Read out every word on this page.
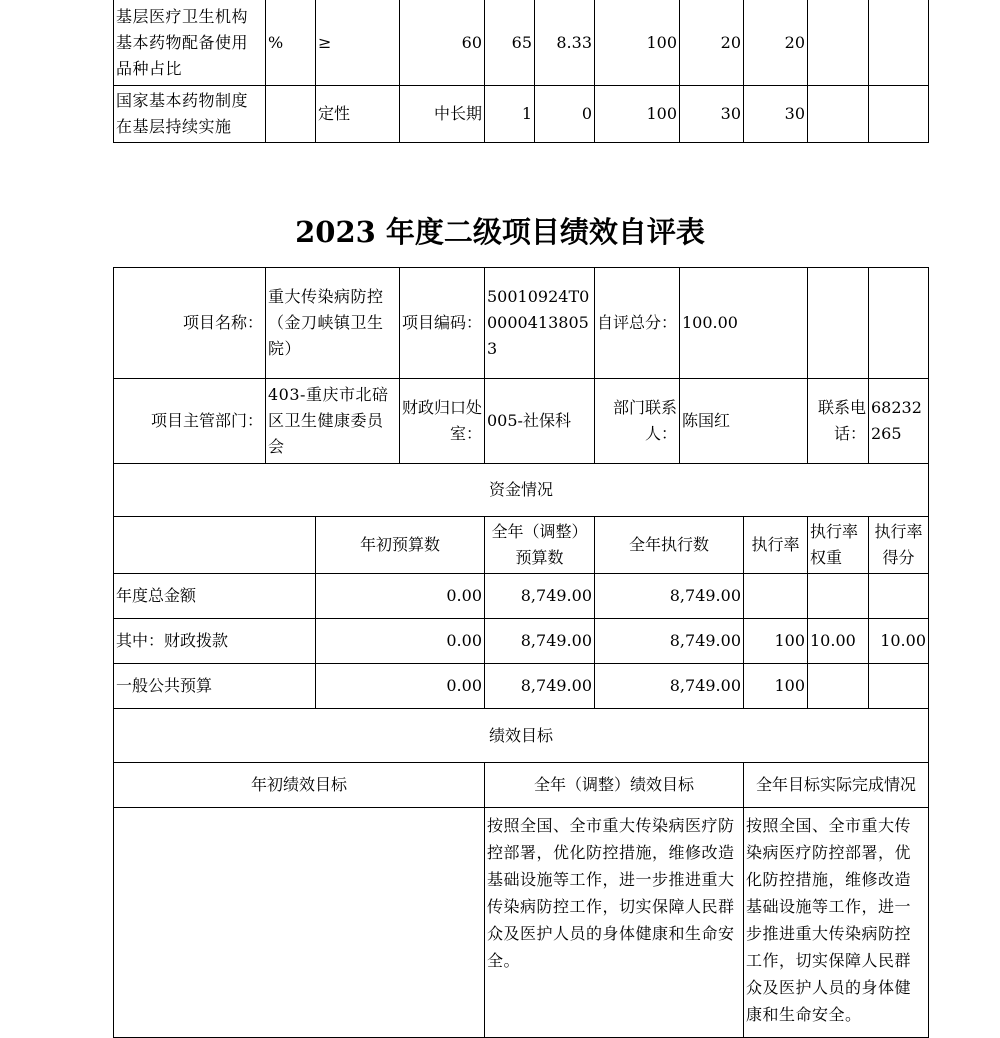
基层医疗卫生机构基本药物配备使用品种占比	%	≥	60	65	8.33	100	20	20		
国家基本药物制度在基层持续实施		定性	中长期	1	0	100	30	30		
2023 年度二级项目绩效自评表
项目名称：	重大传染病防控（金刀峡镇卫生院）		项目编码：	50010924T000004138053	自评总分：	100.00			
项目主管部门：	403-重庆市北碚区卫生健康委员会		财政归口处室：	005-社保科	部门联系人：	陈国红		联系电话：	68232265
资金情况									
		年初预算数		全年（调整）预算数	全年执行数		执行率	执行率权重	执行率得分
年度总金额		0.00		8,749.00	8,749.00				
其中：财政拨款		0.00		8,749.00	8,749.00		100	10.00	10.00
一般公共预算		0.00		8,749.00	8,749.00		100		
绩效目标									
年初绩效目标				全年（调整）绩效目标			全年目标实际完成情况		
				按照全国、全市重大传染病医疗防控部署，优化防控措施，维修改造基础设施等工作，进一步推进重大传染病防控工作，切实保障人民群众及医护人员的身体健康和生命安全。			按照全国、全市重大传染病医疗防控部署，优化防控措施，维修改造基础设施等工作，进一步推进重大传染病防控工作，切实保障人民群众及医护人员的身体健康和生命安全。		
